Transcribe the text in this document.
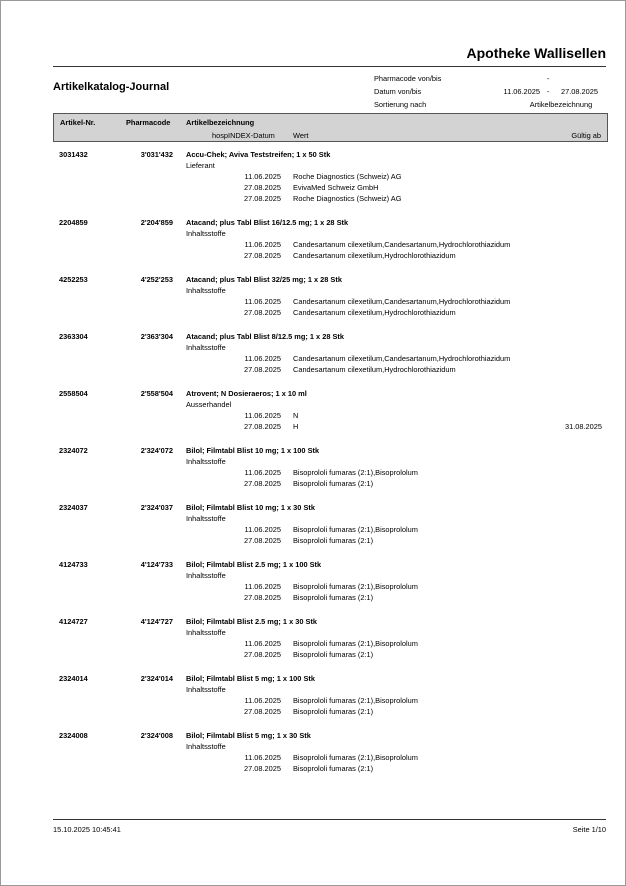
Apotheke Wallisellen
Artikelkatalog-Journal
Pharmacode von/bis	-
Datum von/bis	11.06.2025 - 27.08.2025
Sortierung nach	Artikelbezeichnung
Artikel-Nr.	Pharmacode Artikelbezeichnung
hospINDEX-Datum Wert	Gültig ab
3031432	3'031'432 Accu-Chek; Aviva Teststreifen; 1 x 50 Stk
Lieferant
11.06.2025 Roche Diagnostics (Schweiz) AG
27.08.2025 EvivaMed Schweiz GmbH
27.08.2025 Roche Diagnostics (Schweiz) AG
2204859	2'204'859 Atacand; plus Tabl Blist 16/12.5 mg; 1 x 28 Stk
Inhaltsstoffe
11.06.2025 Candesartanum cilexetilum,Candesartanum,Hydrochlorothiazidum
27.08.2025 Candesartanum cilexetilum,Hydrochlorothiazidum
4252253	4'252'253 Atacand; plus Tabl Blist 32/25 mg; 1 x 28 Stk
Inhaltsstoffe
11.06.2025 Candesartanum cilexetilum,Candesartanum,Hydrochlorothiazidum
27.08.2025 Candesartanum cilexetilum,Hydrochlorothiazidum
2363304	2'363'304 Atacand; plus Tabl Blist 8/12.5 mg; 1 x 28 Stk
Inhaltsstoffe
11.06.2025 Candesartanum cilexetilum,Candesartanum,Hydrochlorothiazidum
27.08.2025 Candesartanum cilexetilum,Hydrochlorothiazidum
2558504	2'558'504 Atrovent; N Dosieraeros; 1 x 10 ml
Ausserhandel
11.06.2025 N
27.08.2025 H	31.08.2025
2324072	2'324'072 Bilol; Filmtabl Blist 10 mg; 1 x 100 Stk
Inhaltsstoffe
11.06.2025 Bisoprololi fumaras (2:1),Bisoprololum
27.08.2025 Bisoprololi fumaras (2:1)
2324037	2'324'037 Bilol; Filmtabl Blist 10 mg; 1 x 30 Stk
Inhaltsstoffe
11.06.2025 Bisoprololi fumaras (2:1),Bisoprololum
27.08.2025 Bisoprololi fumaras (2:1)
4124733	4'124'733 Bilol; Filmtabl Blist 2.5 mg; 1 x 100 Stk
Inhaltsstoffe
11.06.2025 Bisoprololi fumaras (2:1),Bisoprololum
27.08.2025 Bisoprololi fumaras (2:1)
4124727	4'124'727 Bilol; Filmtabl Blist 2.5 mg; 1 x 30 Stk
Inhaltsstoffe
11.06.2025 Bisoprololi fumaras (2:1),Bisoprololum
27.08.2025 Bisoprololi fumaras (2:1)
2324014	2'324'014 Bilol; Filmtabl Blist 5 mg; 1 x 100 Stk
Inhaltsstoffe
11.06.2025 Bisoprololi fumaras (2:1),Bisoprololum
27.08.2025 Bisoprololi fumaras (2:1)
2324008	2'324'008 Bilol; Filmtabl Blist 5 mg; 1 x 30 Stk
Inhaltsstoffe
11.06.2025 Bisoprololi fumaras (2:1),Bisoprololum
27.08.2025 Bisoprololi fumaras (2:1)
15.10.2025 10:45:41	Seite 1/10
